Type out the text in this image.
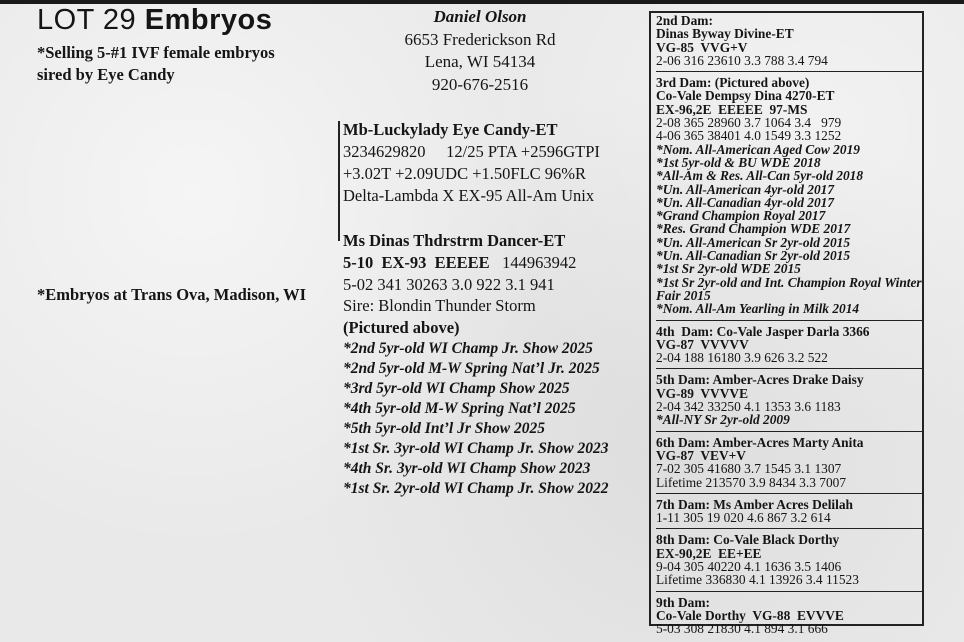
LOT 29 Embryos
*Selling 5-#1 IVF female embryos
sired by Eye Candy
Daniel Olson
6653 Frederickson Rd
Lena, WI 54134
920-676-2516
*Embryos at Trans Ova, Madison, WI
Mb-Luckylady Eye Candy-ET
3234629820     12/25 PTA +2596GTPI
+3.02T +2.09UDC +1.50FLC 96%R
Delta-Lambda X EX-95 All-Am Unix
Ms Dinas Thdrstrm Dancer-ET
5-10  EX-93  EEEEE 144963942
5-02 341 30263 3.0 922 3.1 941
Sire: Blondin Thunder Storm
(Pictured above)
*2nd 5yr-old WI Champ Jr. Show 2025
*2nd 5yr-old M-W Spring Nat’l Jr. 2025
*3rd 5yr-old WI Champ Show 2025
*4th 5yr-old M-W Spring Nat’l 2025
*5th 5yr-old Int’l Jr Show 2025
*1st Sr. 3yr-old WI Champ Jr. Show 2023
*4th Sr. 3yr-old WI Champ Show 2023
*1st Sr. 2yr-old WI Champ Jr. Show 2022
2nd Dam:
Dinas Byway Divine-ET
VG-85  VVG+V
2-06 316 23610 3.3 788 3.4 794
3rd Dam: (Pictured above)
Co-Vale Dempsy Dina 4270-ET
EX-96,2E  EEEEE  97-MS
2-08 365 28960 3.7 1064 3.4   979
4-06 365 38401 4.0 1549 3.3 1252
*Nom. All-American Aged Cow 2019
*1st 5yr-old & BU WDE 2018
*All-Am & Res. All-Can 5yr-old 2018
*Un. All-American 4yr-old 2017
*Un. All-Canadian 4yr-old 2017
*Grand Champion Royal 2017
*Res. Grand Champion WDE 2017
*Un. All-American Sr 2yr-old 2015
*Un. All-Canadian Sr 2yr-old 2015
*1st Sr 2yr-old WDE 2015
*1st Sr 2yr-old and Int. Champion Royal Winter Fair 2015
*Nom. All-Am Yearling in Milk 2014
4th  Dam: Co-Vale Jasper Darla 3366
VG-87  VVVVV
2-04 188 16180 3.9 626 3.2 522
5th Dam: Amber-Acres Drake Daisy
VG-89  VVVVE
2-04 342 33250 4.1 1353 3.6 1183
*All-NY Sr 2yr-old 2009
6th Dam: Amber-Acres Marty Anita
VG-87  VEV+V
7-02 305 41680 3.7 1545 3.1 1307
Lifetime 213570 3.9 8434 3.3 7007
7th Dam: Ms Amber Acres Delilah
1-11 305 19 020 4.6 867 3.2 614
8th Dam: Co-Vale Black Dorthy
EX-90,2E  EE+EE
9-04 305 40220 4.1 1636 3.5 1406
Lifetime 336830 4.1 13926 3.4 11523
9th Dam:
Co-Vale Dorthy  VG-88  EVVVE
5-03 308 21830 4.1 894 3.1 666
